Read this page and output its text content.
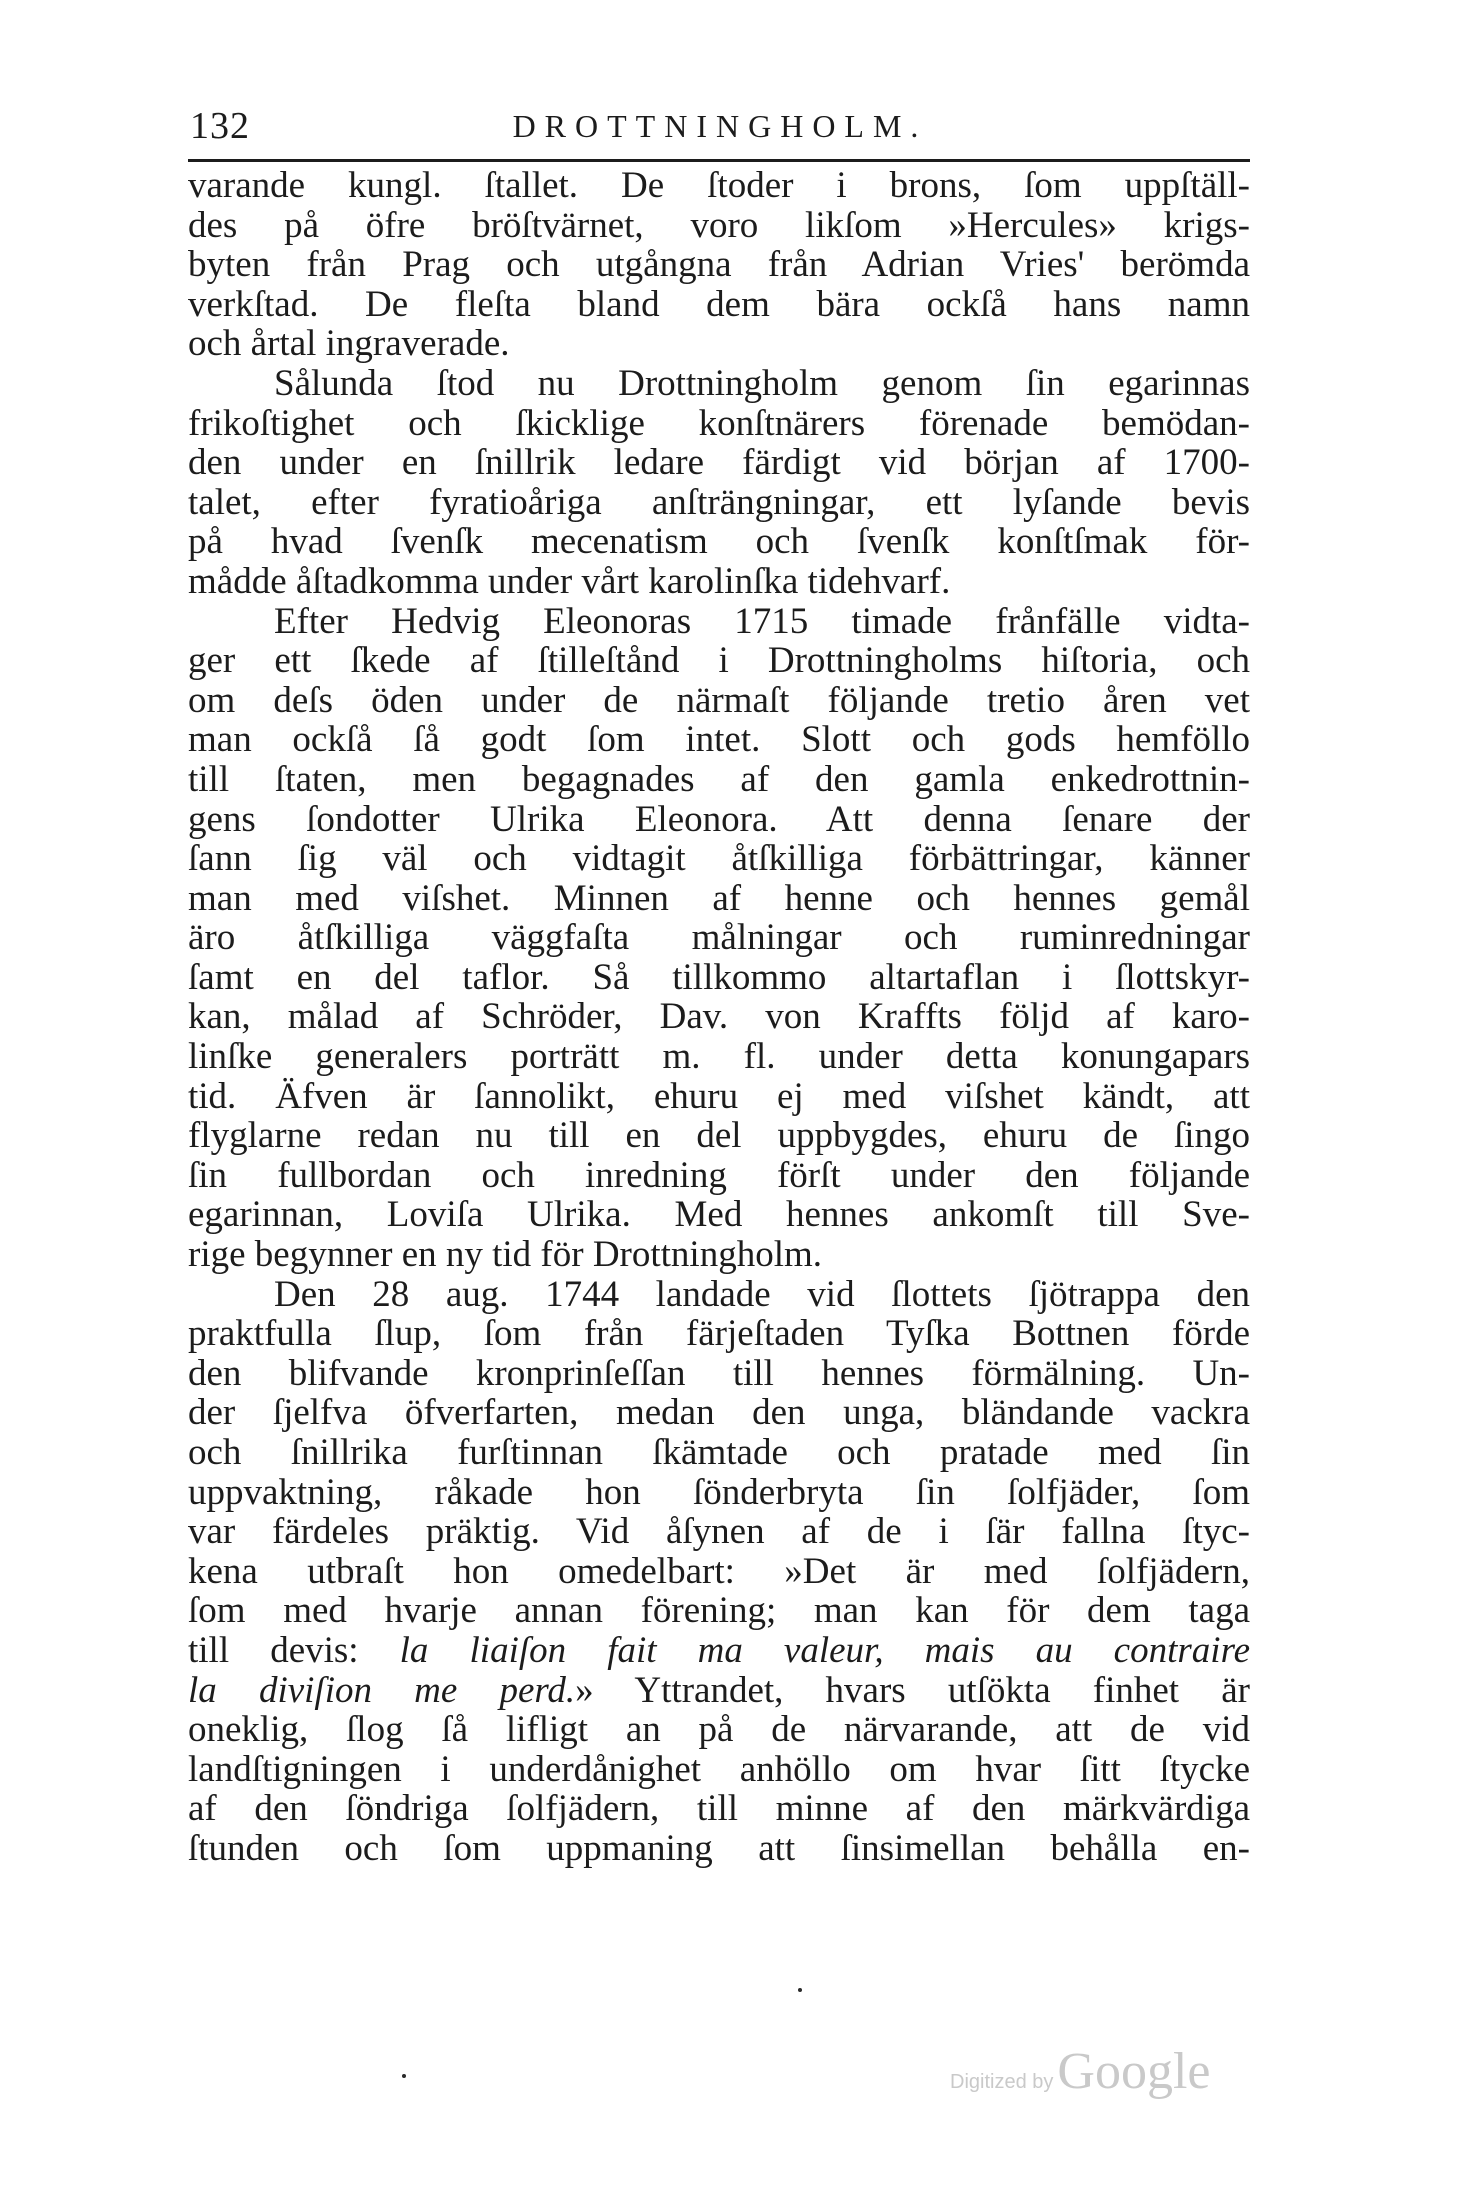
132	DROTTNINGHOLM.
varande kungl. ſtallet. De ſtoder i brons, ſom uppſtäll-
des på öfre bröſtvärnet, voro likſom »Hercules» krigs-
byten från Prag och utgångna från Adrian Vries' berömda
verkſtad. De fleſta bland dem bära ockſå hans namn
och årtal ingraverade.
Sålunda ſtod nu Drottningholm genom ſin egarinnas
frikoſtighet och ſkicklige konſtnärers förenade bemödan-
den under en ſnillrik ledare färdigt vid början af 1700-
talet, efter fyratioåriga anſträngningar, ett lyſande bevis
på hvad ſvenſk mecenatism och ſvenſk konſtſmak för-
mådde åſtadkomma under vårt karolinſka tidehvarf.
Efter Hedvig Eleonoras 1715 timade frånfälle vidta-
ger ett ſkede af ſtilleſtånd i Drottningholms hiſtoria, och
om deſs öden under de närmaſt följande tretio åren vet
man ockſå ſå godt ſom intet. Slott och gods hemföllo
till ſtaten, men begagnades af den gamla enkedrottnin-
gens ſondotter Ulrika Eleonora. Att denna ſenare der
ſann ſig väl och vidtagit åtſkilliga förbättringar, känner
man med viſshet. Minnen af henne och hennes gemål
äro åtſkilliga väggfaſta målningar och ruminredningar
ſamt en del taflor. Så tillkommo altartaflan i ſlottskyr-
kan, målad af Schröder, Dav. von Kraffts följd af karo-
linſke generalers porträtt m. fl. under detta konungapars
tid. Äfven är ſannolikt, ehuru ej med viſshet kändt, att
flyglarne redan nu till en del uppbygdes, ehuru de ſingo
ſin fullbordan och inredning förſt under den följande
egarinnan, Loviſa Ulrika. Med hennes ankomſt till Sve-
rige begynner en ny tid för Drottningholm.
Den 28 aug. 1744 landade vid ſlottets ſjötrappa den
praktfulla ſlup, ſom från färjeſtaden Tyſka Bottnen förde
den blifvande kronprinſeſſan till hennes förmälning. Un-
der ſjelfva öfverfarten, medan den unga, bländande vackra
och ſnillrika furſtinnan ſkämtade och pratade med ſin
uppvaktning, råkade hon ſönderbryta ſin ſolfjäder, ſom
var färdeles präktig. Vid åſynen af de i ſär fallna ſtyc-
kena utbraſt hon omedelbart: »Det är med ſolfjädern,
ſom med hvarje annan förening; man kan för dem taga
till devis: la liaiſon fait ma valeur, mais au contraire
la diviſion me perd.» Yttrandet, hvars utſökta finhet är
oneklig, ſlog ſå lifligt an på de närvarande, att de vid
landſtigningen i underdånighet anhöllo om hvar ſitt ſtycke
af den ſöndriga ſolfjädern, till minne af den märkvärdiga
ſtunden och ſom uppmaning att ſinsimellan behålla en-
Digitized by Google
